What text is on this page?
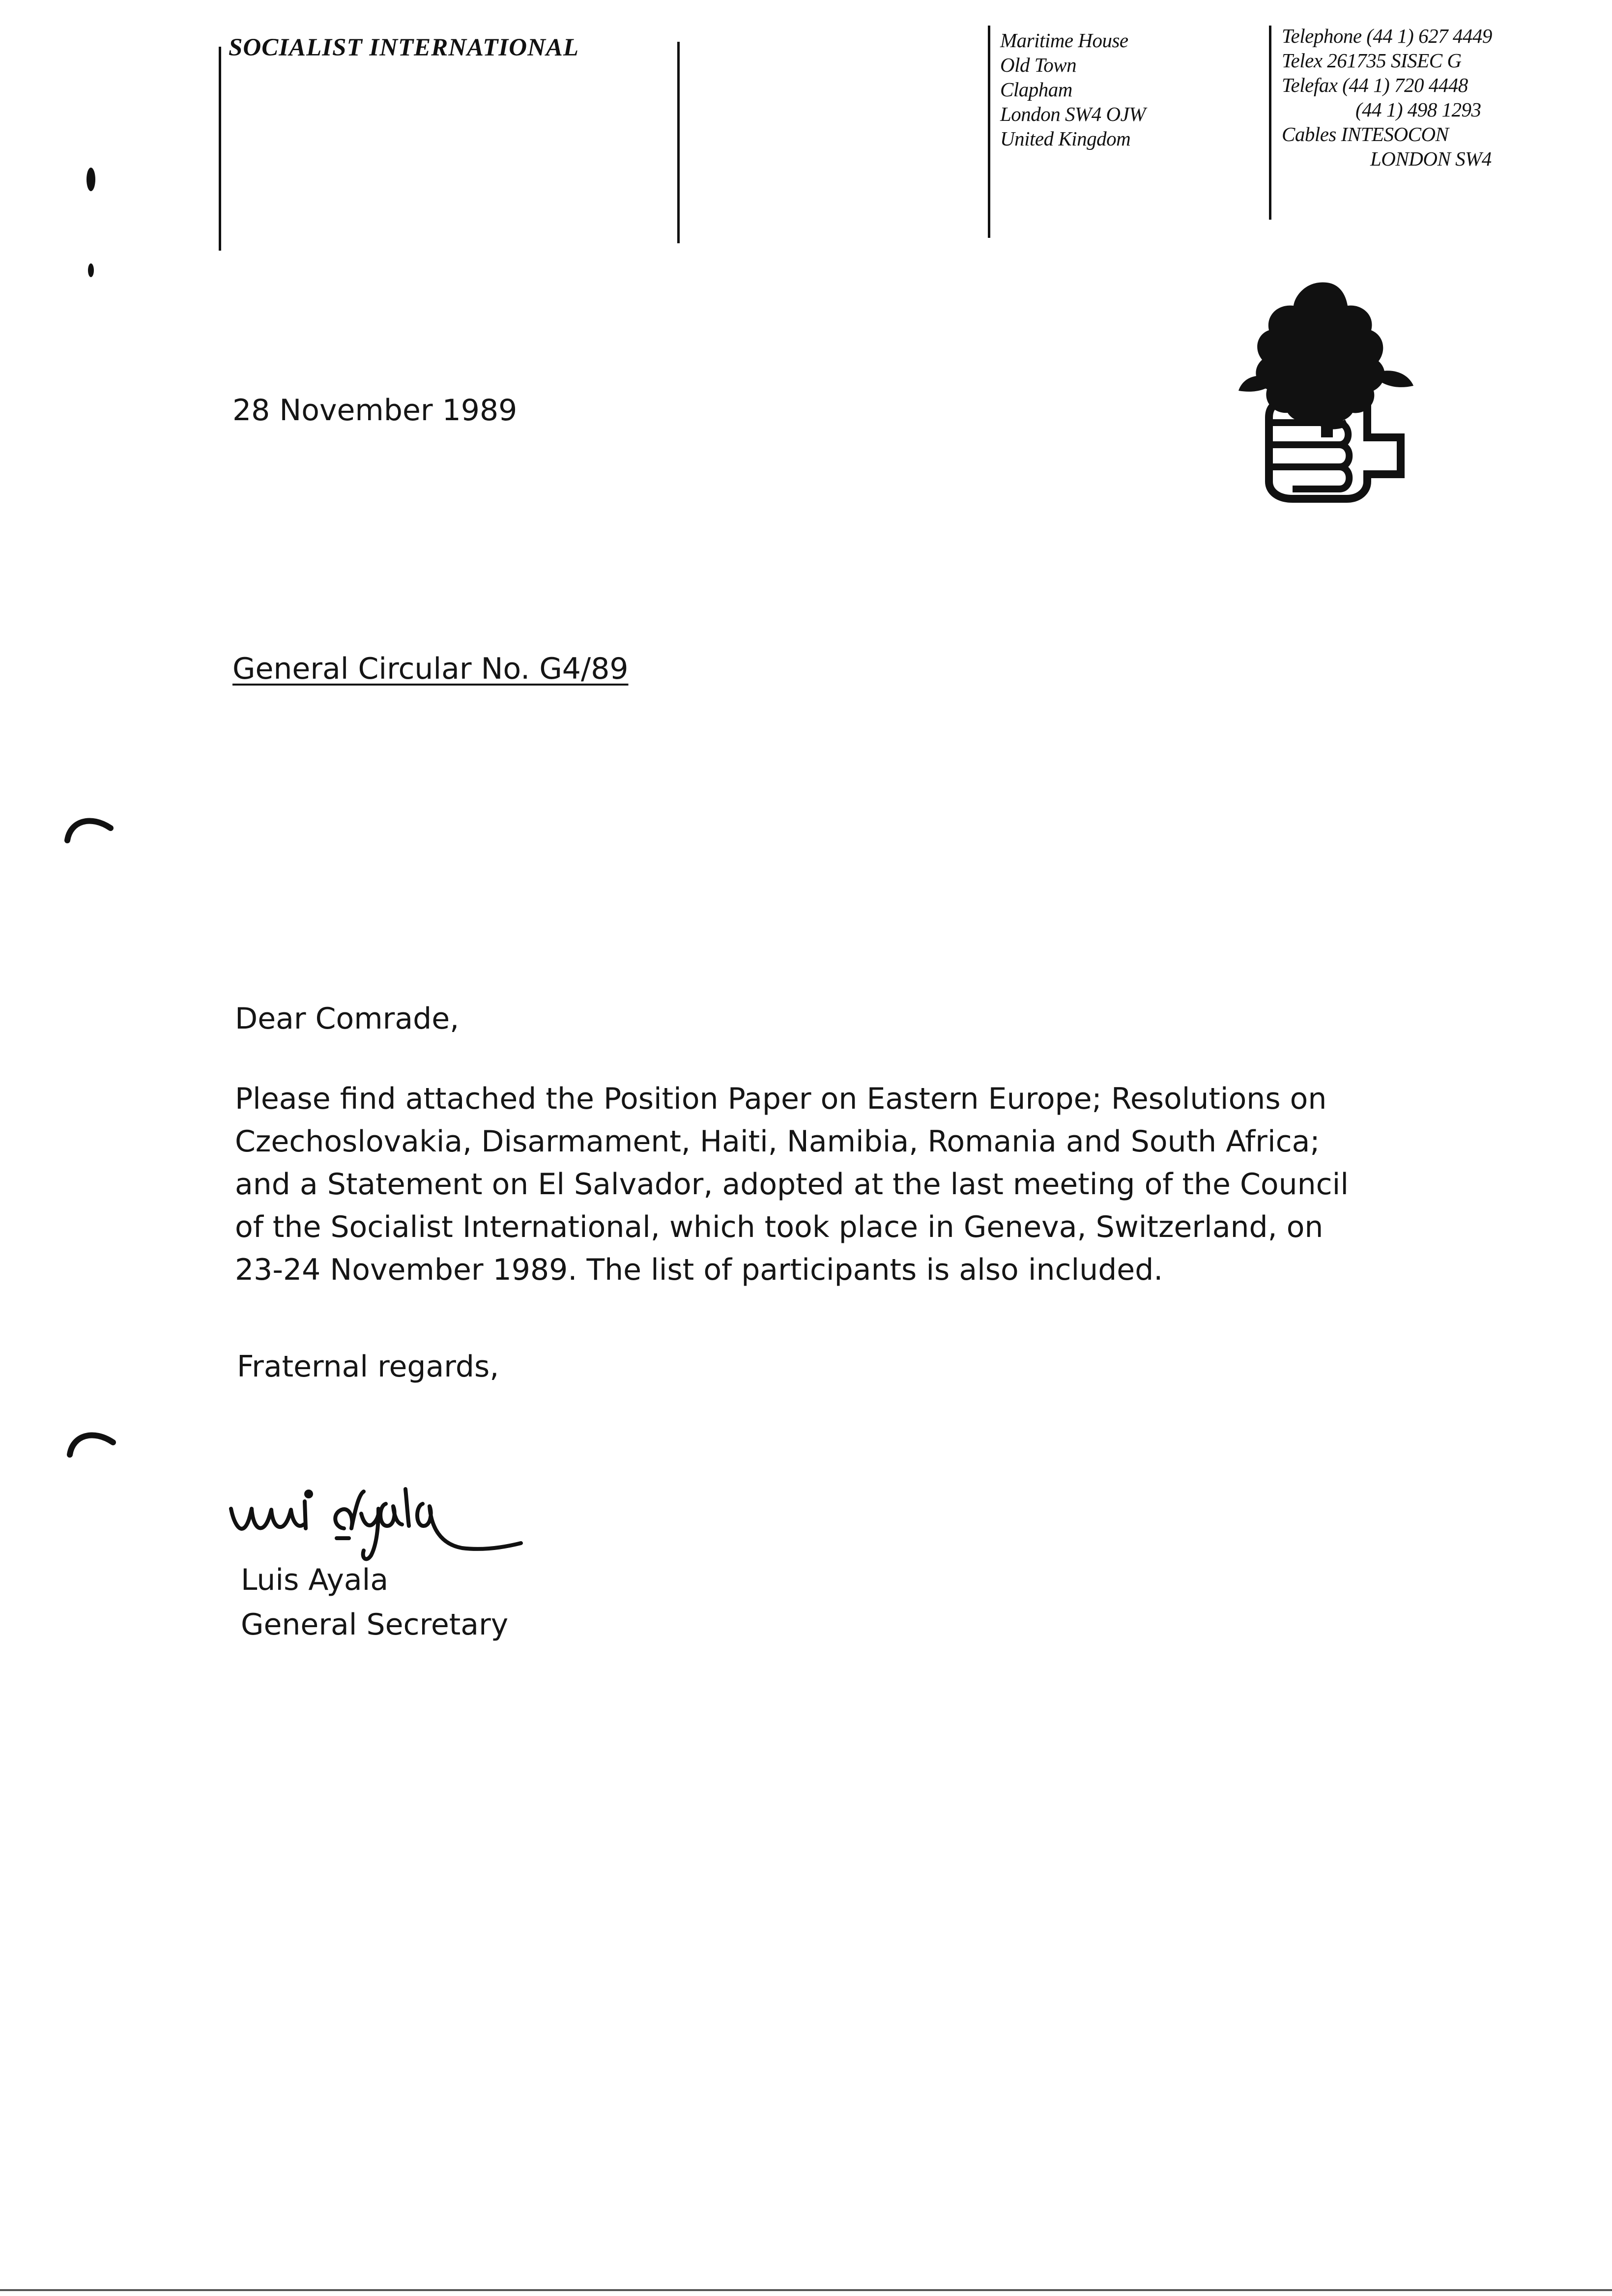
SOCIALIST INTERNATIONAL	Maritime House
Old Town
Clapham
London SW4 OJW
United Kingdom
Telephone (44 1) 627 4449
Telex 261735 SISEC G
Telefax (44 1) 720 4448
(44 1) 498 1293
Cables INTESOCON
LONDON SW4
28 November 1989
General Circular No. G4/89
Dear Comrade,
Please find attached the Position Paper on Eastern Europe; Resolutions on
Czechoslovakia, Disarmament, Haiti, Namibia, Romania and South Africa;
and a Statement on El Salvador, adopted at the last meeting of the Council
of the Socialist International, which took place in Geneva, Switzerland, on
23-24 November 1989. The list of participants is also included.
Fraternal regards,
Luis Ayala
General Secretary
